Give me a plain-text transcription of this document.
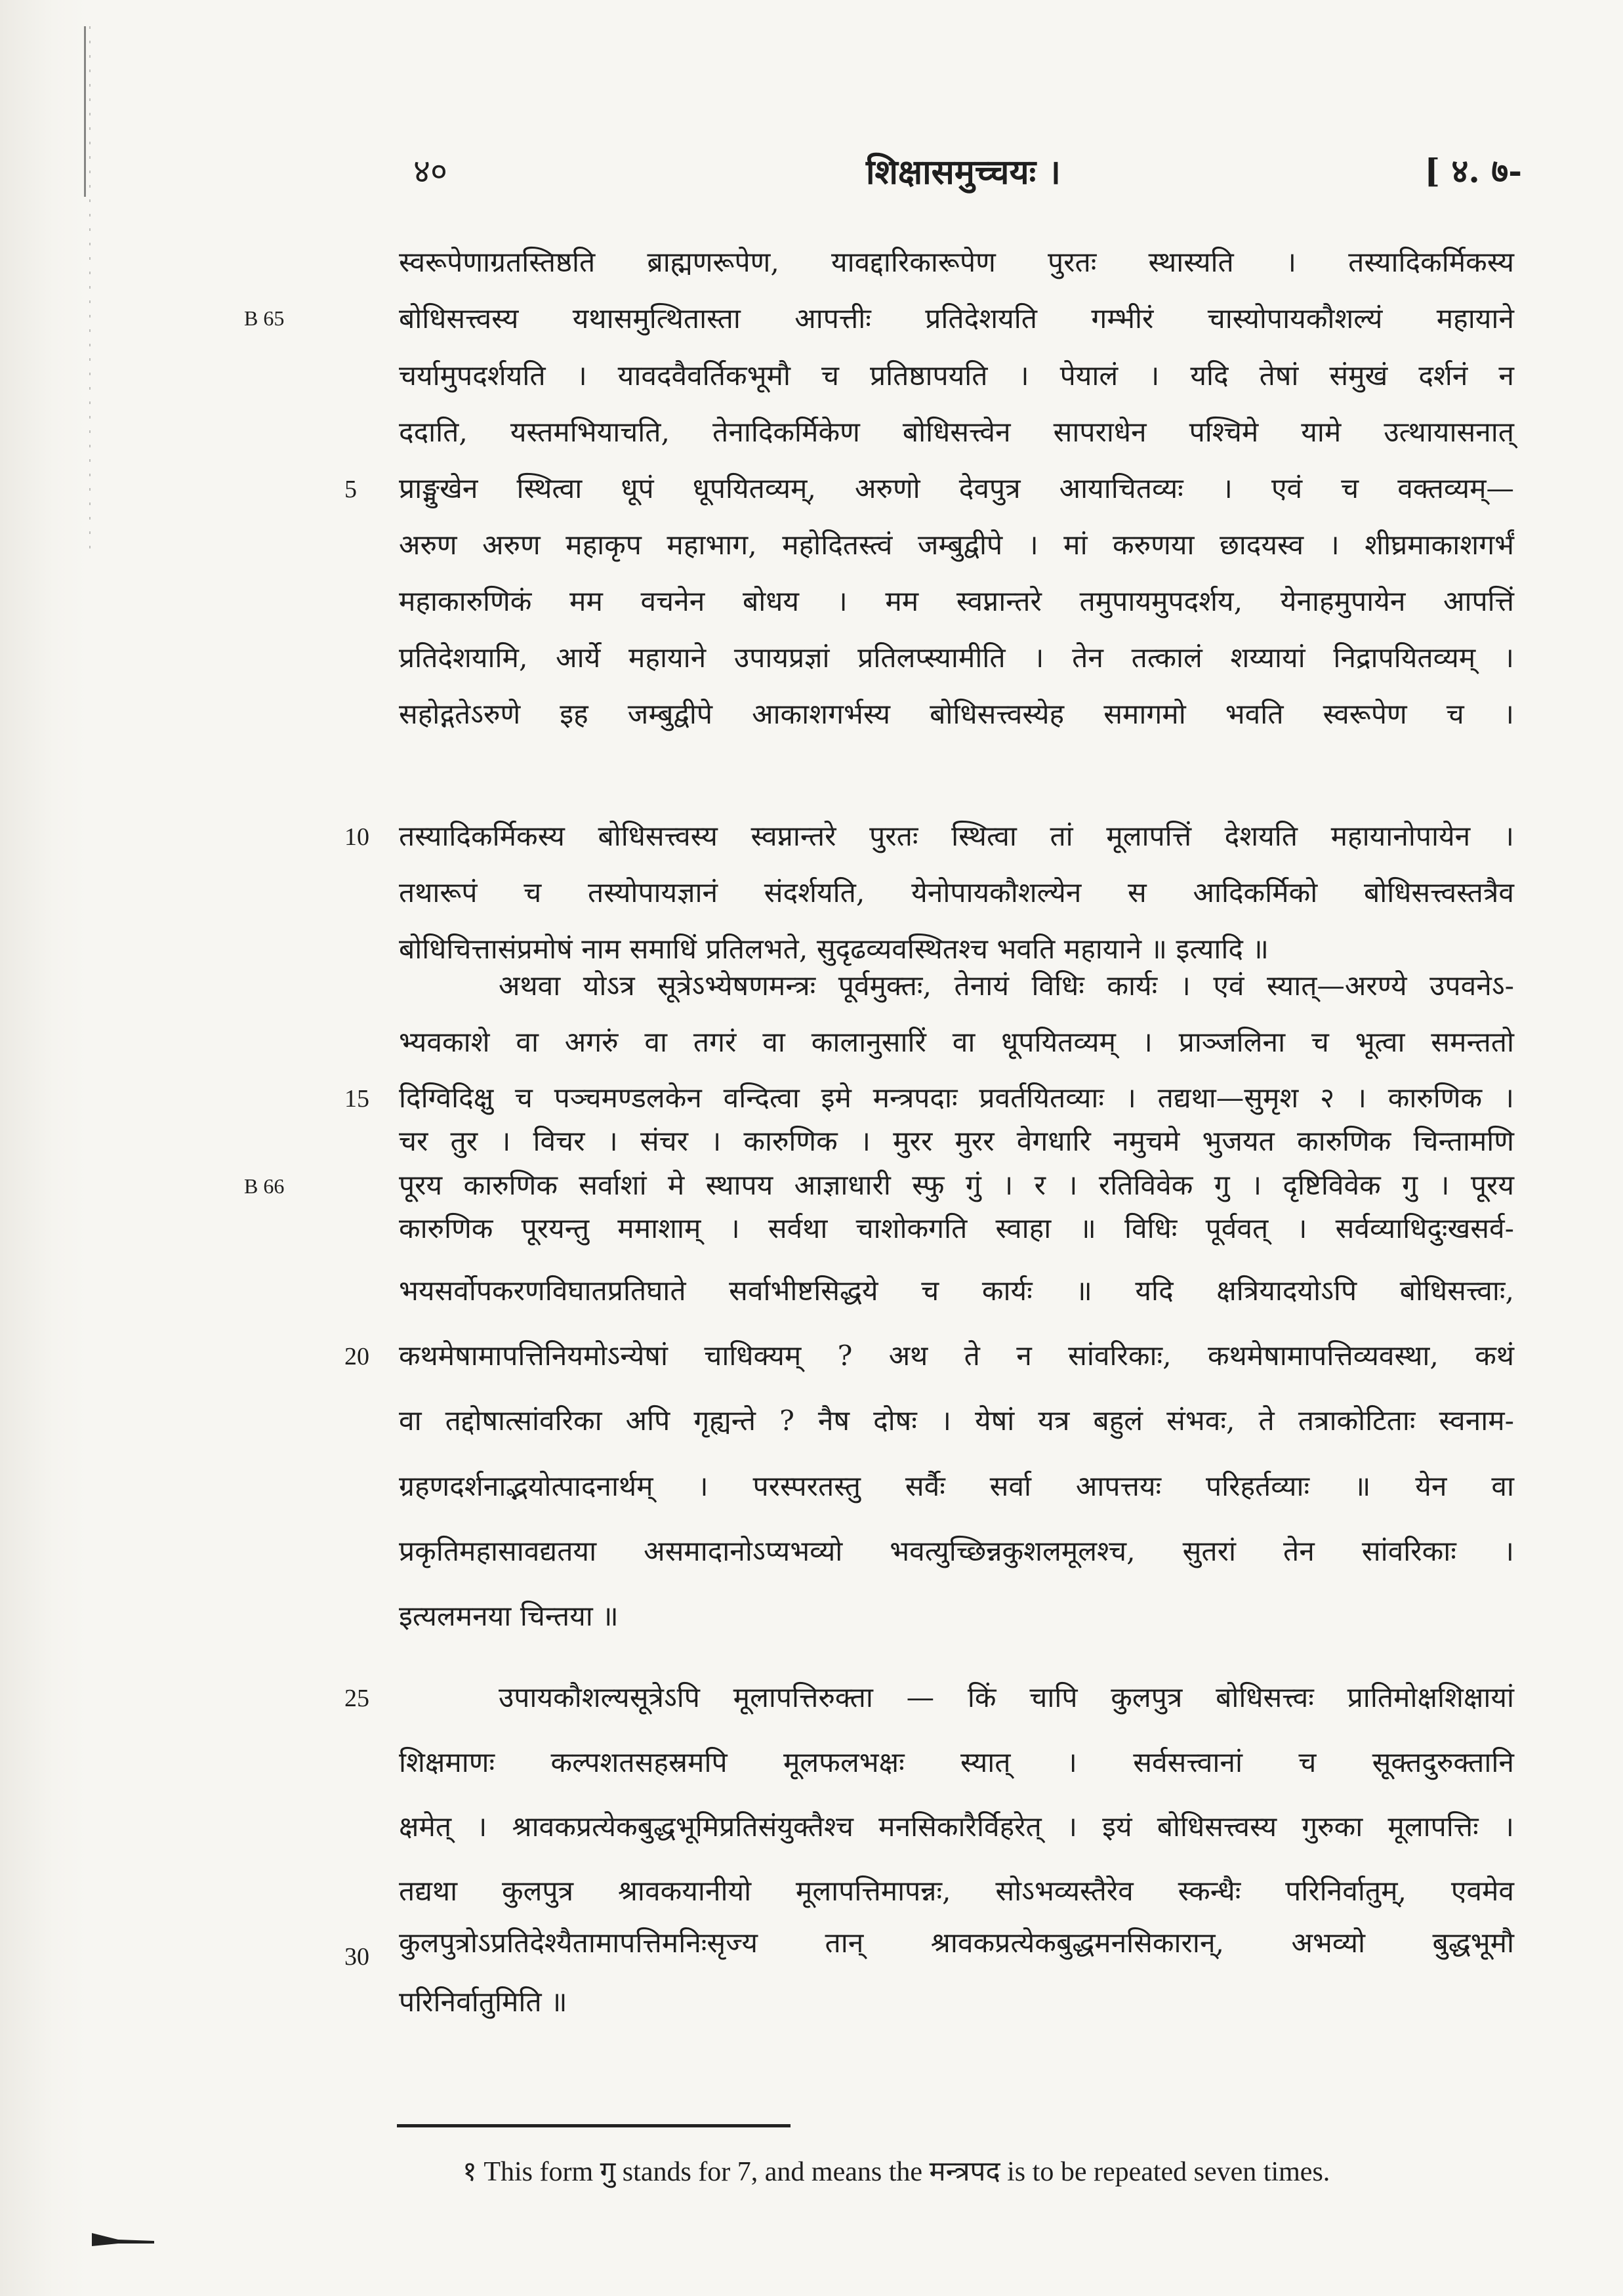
४०	शिक्षासमुच्चयः ।	[ ४. ७-
B 65
B 66
5
10
15
20
25
30
स्वरूपेणाग्रतस्तिष्ठति ब्राह्मणरूपेण, यावद्दारिकारूपेण पुरतः स्थास्यति । तस्यादिकर्मिकस्य
बोधिसत्त्वस्य यथासमुत्थितास्ता आपत्तीः प्रतिदेशयति गम्भीरं चास्योपायकौशल्यं महायाने
चर्यामुपदर्शयति । यावदवैवर्तिकभूमौ च प्रतिष्ठापयति । पेयालं । यदि तेषां संमुखं दर्शनं न
ददाति, यस्तमभियाचति, तेनादिकर्मिकेण बोधिसत्त्वेन सापराधेन पश्चिमे यामे उत्थायासनात्
प्राङ्मुखेन स्थित्वा धूपं धूपयितव्यम्, अरुणो देवपुत्र आयाचितव्यः । एवं च वक्तव्यम्—
अरुण अरुण महाकृप महाभाग, महोदितस्त्वं जम्बुद्वीपे । मां करुणया छादयस्व । शीघ्रमाकाशगर्भं
महाकारुणिकं मम वचनेन बोधय । मम स्वप्नान्तरे तमुपायमुपदर्शय, येनाहमुपायेन आपत्तिं
प्रतिदेशयामि, आर्ये महायाने उपायप्रज्ञां प्रतिलप्स्यामीति । तेन तत्कालं शय्यायां निद्रापयितव्यम् ।
सहोद्गतेऽरुणे इह जम्बुद्वीपे आकाशगर्भस्य बोधिसत्त्वस्येह समागमो भवति स्वरूपेण च ।
तस्यादिकर्मिकस्य बोधिसत्त्वस्य स्वप्नान्तरे पुरतः स्थित्वा तां मूलापत्तिं देशयति महायानोपायेन ।
तथारूपं च तस्योपायज्ञानं संदर्शयति, येनोपायकौशल्येन स आदिकर्मिको बोधिसत्त्वस्तत्रैव
बोधिचित्तासंप्रमोषं नाम समाधिं प्रतिलभते, सुदृढव्यवस्थितश्च भवति महायाने ॥ इत्यादि ॥
अथवा योऽत्र सूत्रेऽभ्येषणमन्त्रः पूर्वमुक्तः, तेनायं विधिः कार्यः । एवं स्यात्—अरण्ये उपवनेऽ-
भ्यवकाशे वा अगरुं वा तगरं वा कालानुसारिं वा धूपयितव्यम् । प्राञ्जलिना च भूत्वा समन्ततो
दिग्विदिक्षु च पञ्चमण्डलकेन वन्दित्वा इमे मन्त्रपदाः प्रवर्तयितव्याः । तद्यथा—सुमृश २ । कारुणिक ।
चर तुर । विचर । संचर । कारुणिक । मुरर मुरर वेगधारि नमुचमे भुजयत कारुणिक चिन्तामणि
पूरय कारुणिक सर्वाशां मे स्थापय आज्ञाधारी स्फु गुं । र । रतिविवेक गु । दृष्टिविवेक गु । पूरय
कारुणिक पूरयन्तु ममाशाम् । सर्वथा चाशोकगति स्वाहा ॥ विधिः पूर्ववत् । सर्वव्याधिदुःखसर्व-
भयसर्वोपकरणविघातप्रतिघाते सर्वाभीष्टसिद्धये च कार्यः ॥ यदि क्षत्रियादयोऽपि बोधिसत्त्वाः,
कथमेषामापत्तिनियमोऽन्येषां चाधिक्यम् ? अथ ते न सांवरिकाः, कथमेषामापत्तिव्यवस्था, कथं
वा तद्दोषात्सांवरिका अपि गृह्यन्ते ? नैष दोषः । येषां यत्र बहुलं संभवः, ते तत्राकोटिताः स्वनाम-
ग्रहणदर्शनाद्भयोत्पादनार्थम् । परस्परतस्तु सर्वैः सर्वा आपत्तयः परिहर्तव्याः ॥ येन वा
प्रकृतिमहासावद्यतया असमादानोऽप्यभव्यो भवत्युच्छिन्नकुशलमूलश्च, सुतरां तेन सांवरिकाः ।
इत्यलमनया चिन्तया ॥
उपायकौशल्यसूत्रेऽपि मूलापत्तिरुक्ता — किं चापि कुलपुत्र बोधिसत्त्वः प्रातिमोक्षशिक्षायां
शिक्षमाणः कल्पशतसहस्रमपि मूलफलभक्षः स्यात् । सर्वसत्त्वानां च सूक्तदुरुक्तानि
क्षमेत् । श्रावकप्रत्येकबुद्धभूमिप्रतिसंयुक्तैश्च मनसिकारैर्विहरेत् । इयं बोधिसत्त्वस्य गुरुका मूलापत्तिः ।
तद्यथा कुलपुत्र श्रावकयानीयो मूलापत्तिमापन्नः, सोऽभव्यस्तैरेव स्कन्धैः परिनिर्वातुम्, एवमेव
कुलपुत्रोऽप्रतिदेश्यैतामापत्तिमनिःसृज्य तान् श्रावकप्रत्येकबुद्धमनसिकारान्, अभव्यो बुद्धभूमौ
परिनिर्वातुमिति ॥
१ This form गु stands for 7, and means the मन्त्रपद is to be repeated seven times.
